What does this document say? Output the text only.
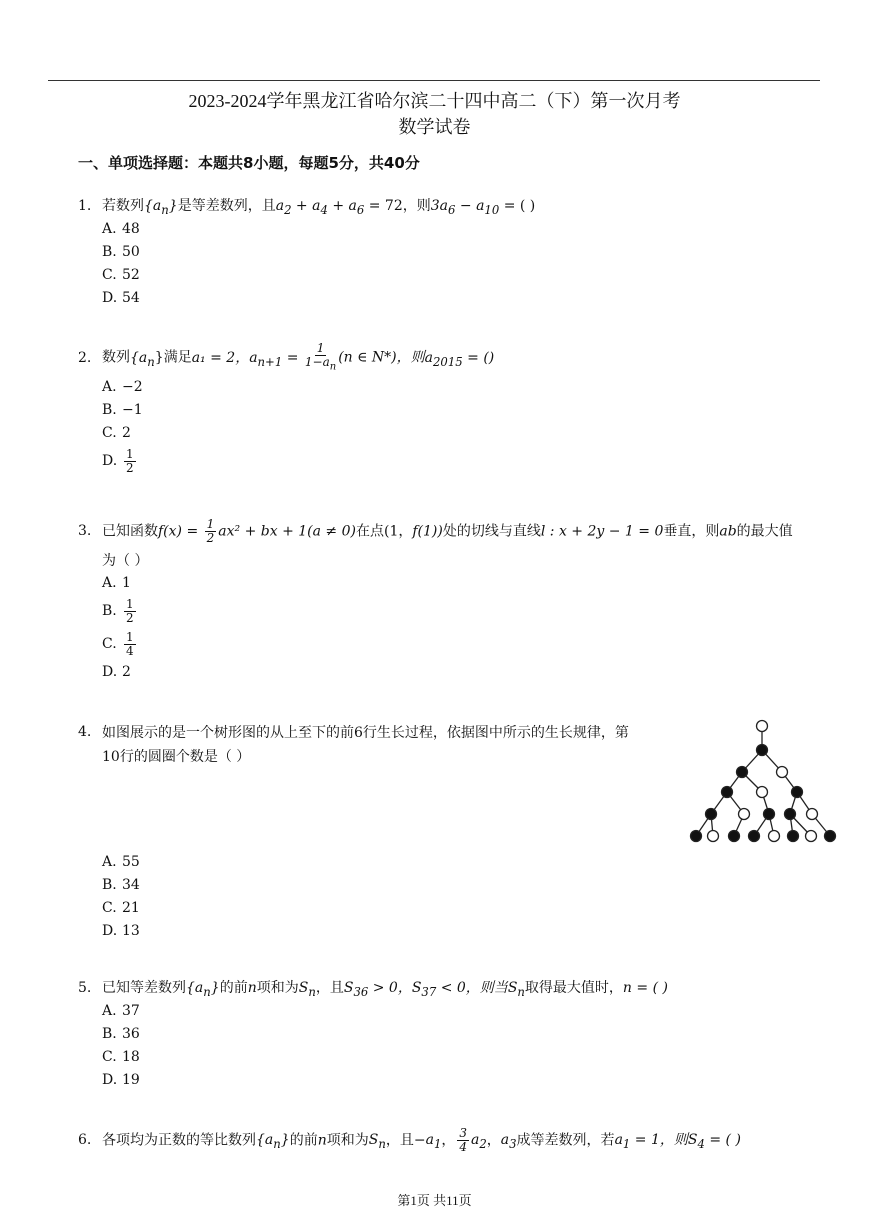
2023-2024学年黑龙江省哈尔滨二十四中高二（下）第一次月考
数学试卷
一、单项选择题：本题共8小题，每题5分，共40分
1. 若数列$\{a_n\}$是等差数列，且$a_2 + a_4 + a_6 = 72$，则$3a_6 - a_{10}$ = ( )
A. 48
B. 50
C. 52
D. 54
2. 数列$\{a_n\}$满足a₁ = 2，$a_{n+1} = \frac{1}{1-a_n} (n$ ∈ N*)，则$a_{2015}$ = ()
A. −2
B. −1
C. 2
D. $\frac{1}{2}$
3. 已知函数$f(x) = \frac{1}{2} ax^2$ + bx + 1(a ≠ 0)在点(1，f(1))处的切线与直线l : x + 2y − 1 = 0垂直，则ab的最大值
为（ ）
A. 1
B. $\frac{1}{2}$
C. $\frac{1}{4}$
D. 2
4. 如图展示的是一个树形图的从上至下的前6行生长过程，依据图中所示的生长规律，第
10行的圆圈个数是（ ）
A. 55
B. 34
C. 21
D. 13
5. 已知等差数列$\{a_n\}$的前n项和为$S_n$，且$S_{36} > 0$，$S_{37} < 0$，则当$S_n$取得最大值时，n = ( )
A. 37
B. 36
C. 18
D. 19
6. 各项均为正数的等比数列$\{a_n\}$的前n项和为$S_n$，且$-a_1$， $\frac{3}{4} a_2$，$a_3$成等差数列，若$a_1 = 1$，则$S_4$ = ( )
第1页 共11页
